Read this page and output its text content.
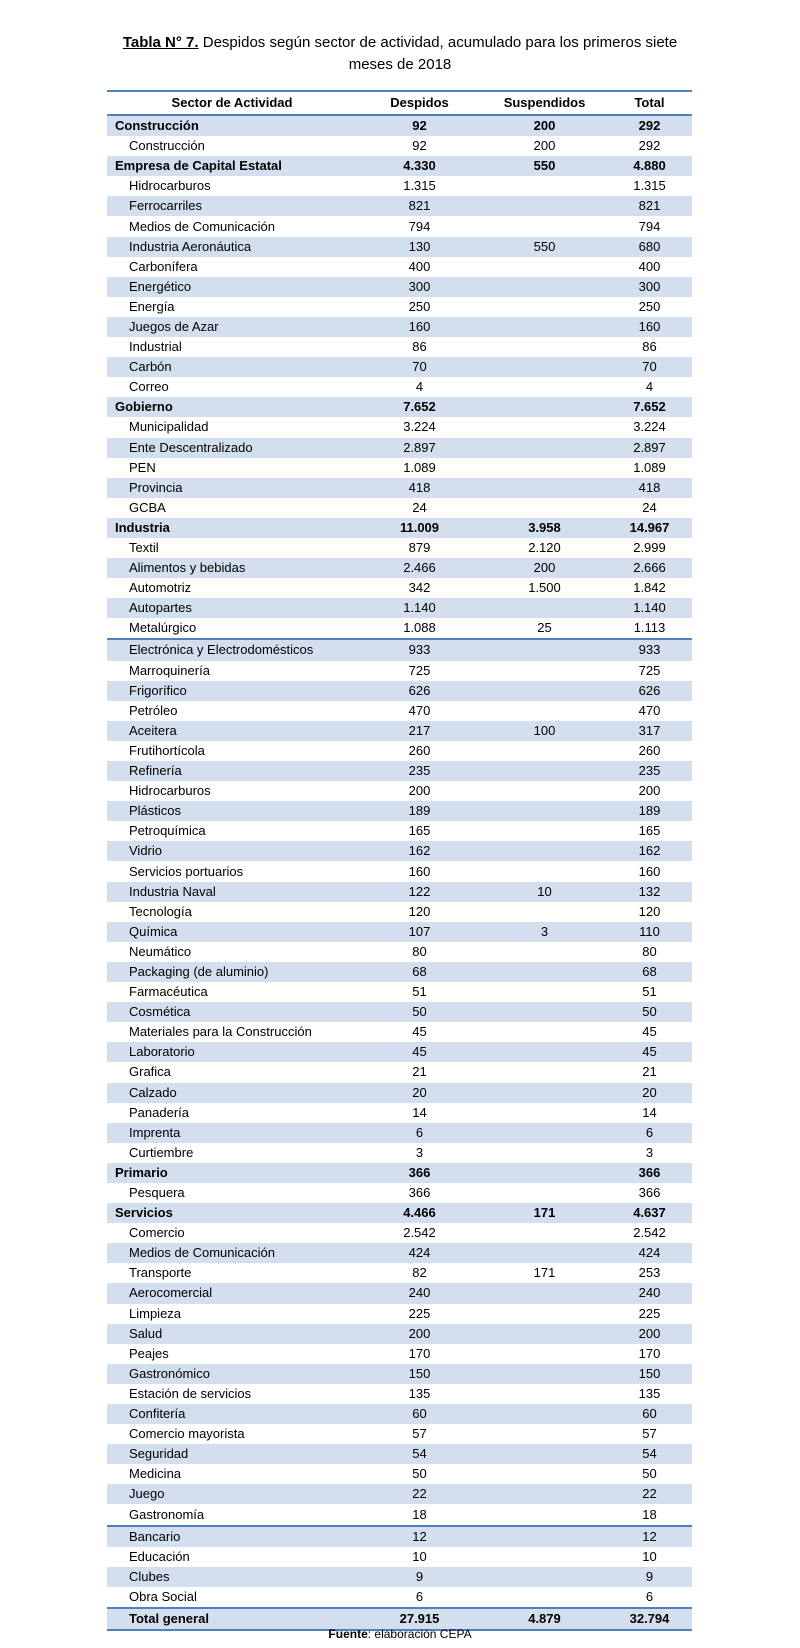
Tabla N° 7. Despidos según sector de actividad, acumulado para los primeros siete meses de 2018
Sector de Actividad	Despidos	Suspendidos	Total
Construcción	92	200	292
Construcción	92	200	292
Empresa de Capital Estatal	4.330	550	4.880
Hidrocarburos	1.315		1.315
Ferrocarriles	821		821
Medios de Comunicación	794		794
Industria Aeronáutica	130	550	680
Carbonífera	400		400
Energético	300		300
Energía	250		250
Juegos de Azar	160		160
Industrial	86		86
Carbón	70		70
Correo	4		4
Gobierno	7.652		7.652
Municipalidad	3.224		3.224
Ente Descentralizado	2.897		2.897
PEN	1.089		1.089
Provincia	418		418
GCBA	24		24
Industria	11.009	3.958	14.967
Textil	879	2.120	2.999
Alimentos y bebidas	2.466	200	2.666
Automotriz	342	1.500	1.842
Autopartes	1.140		1.140
Metalúrgico	1.088	25	1.113
Electrónica y Electrodomésticos	933		933
Marroquinería	725		725
Frigorífico	626		626
Petróleo	470		470
Aceitera	217	100	317
Frutihortícola	260		260
Refinería	235		235
Hidrocarburos	200		200
Plásticos	189		189
Petroquímica	165		165
Vidrio	162		162
Servicios portuarios	160		160
Industria Naval	122	10	132
Tecnología	120		120
Química	107	3	110
Neumático	80		80
Packaging (de aluminio)	68		68
Farmacéutica	51		51
Cosmética	50		50
Materiales para la Construcción	45		45
Laboratorio	45		45
Grafica	21		21
Calzado	20		20
Panadería	14		14
Imprenta	6		6
Curtiembre	3		3
Primario	366		366
Pesquera	366		366
Servicios	4.466	171	4.637
Comercio	2.542		2.542
Medios de Comunicación	424		424
Transporte	82	171	253
Aerocomercial	240		240
Limpieza	225		225
Salud	200		200
Peajes	170		170
Gastronómico	150		150
Estación de servicios	135		135
Confitería	60		60
Comercio mayorista	57		57
Seguridad	54		54
Medicina	50		50
Juego	22		22
Gastronomía	18		18
Bancario	12		12
Educación	10		10
Clubes	9		9
Obra Social	6		6
Total general	27.915	4.879	32.794
Fuente: elaboración CEPA
